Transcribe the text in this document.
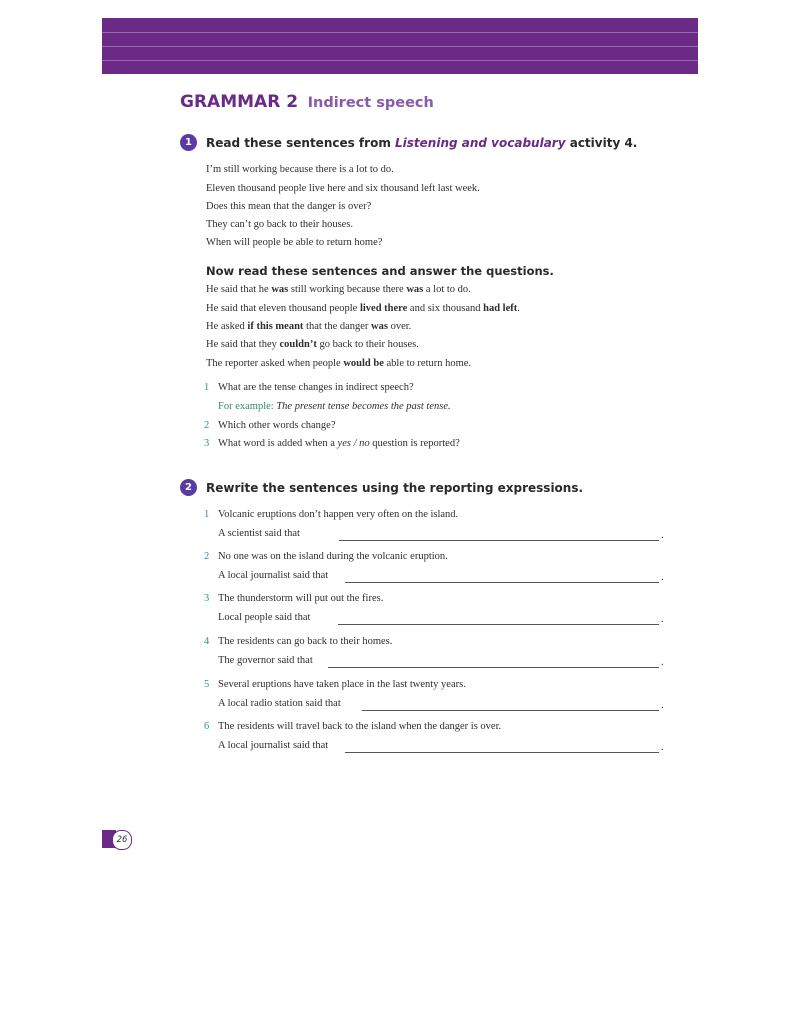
GRAMMAR 2 Indirect speech
1	Read these sentences from Listening and vocabulary activity 4.
I’m still working because there is a lot to do.
Eleven thousand people live here and six thousand left last week.
Does this mean that the danger is over?
They can’t go back to their houses.
When will people be able to return home?
Now read these sentences and answer the questions.
He said that he was still working because there was a lot to do.
He said that eleven thousand people lived there and six thousand had left.
He asked if this meant that the danger was over.
He said that they couldn’t go back to their houses.
The reporter asked when people would be able to return home.
1 What are the tense changes in indirect speech?
For example: The present tense becomes the past tense.
2 Which other words change?
3 What word is added when a yes / no question is reported?
2	Rewrite the sentences using the reporting expressions.
1 Volcanic eruptions don’t happen very often on the island.
A scientist said that	.
2 No one was on the island during the volcanic eruption.
A local journalist said that	.
3 The thunderstorm will put out the fires.
Local people said that	.
4 The residents can go back to their homes.
The governor said that	.
5 Several eruptions have taken place in the last twenty years.
A local radio station said that	.
6 The residents will travel back to the island when the danger is over.
A local journalist said that	.
26
